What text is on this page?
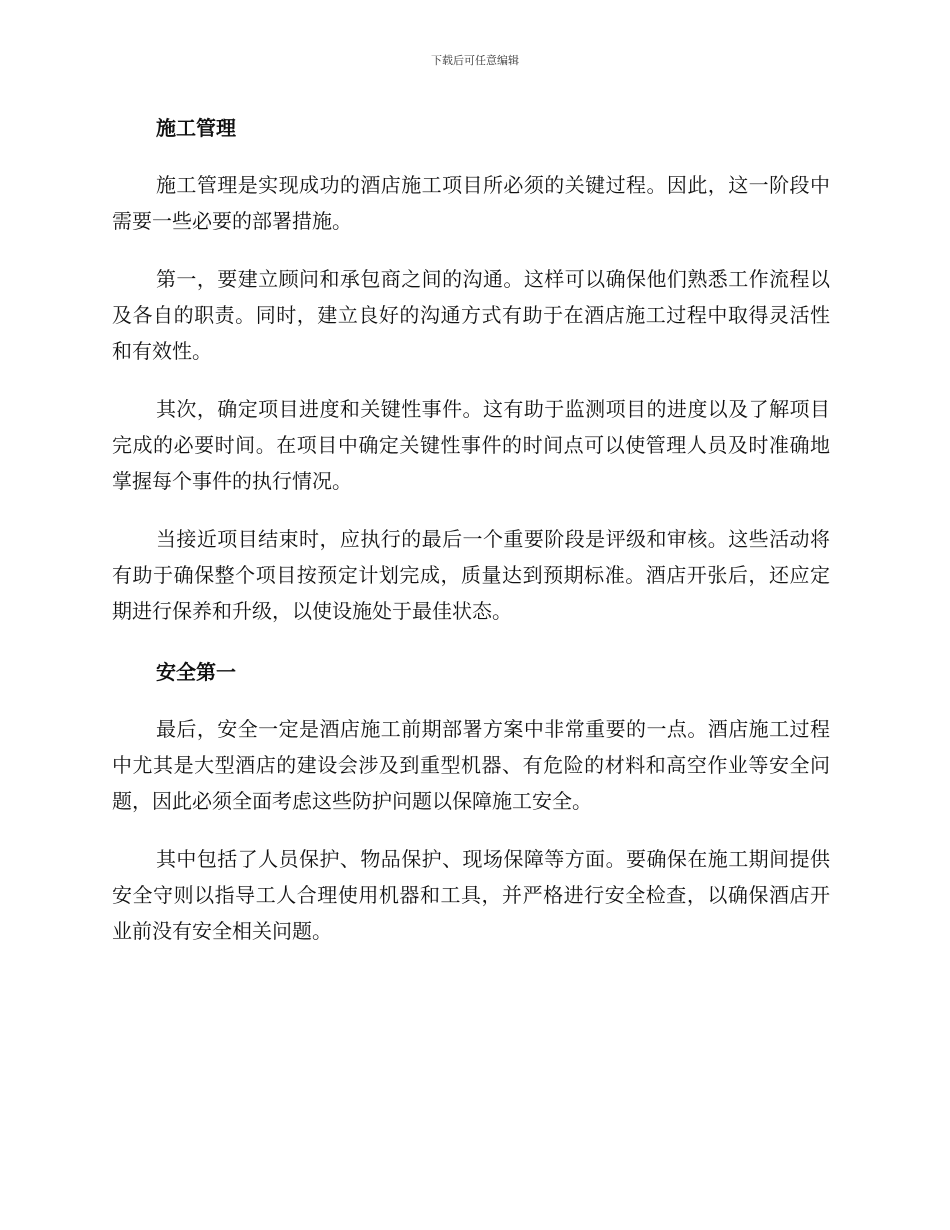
下载后可任意编辑
施工管理

施工管理是实现成功的酒店施工项目所必须的关键过程。因此，这一阶段中需要一些必要的部署措施。

第一，要建立顾问和承包商之间的沟通。这样可以确保他们熟悉工作流程以及各自的职责。同时，建立良好的沟通方式有助于在酒店施工过程中取得灵活性和有效性。

其次，确定项目进度和关键性事件。这有助于监测项目的进度以及了解项目完成的必要时间。在项目中确定关键性事件的时间点可以使管理人员及时准确地掌握每个事件的执行情况。

当接近项目结束时，应执行的最后一个重要阶段是评级和审核。这些活动将有助于确保整个项目按预定计划完成，质量达到预期标准。酒店开张后，还应定期进行保养和升级，以使设施处于最佳状态。

安全第一

最后，安全一定是酒店施工前期部署方案中非常重要的一点。酒店施工过程中尤其是大型酒店的建设会涉及到重型机器、有危险的材料和高空作业等安全问题，因此必须全面考虑这些防护问题以保障施工安全。

其中包括了人员保护、物品保护、现场保障等方面。要确保在施工期间提供安全守则以指导工人合理使用机器和工具，并严格进行安全检查，以确保酒店开业前没有安全相关问题。
